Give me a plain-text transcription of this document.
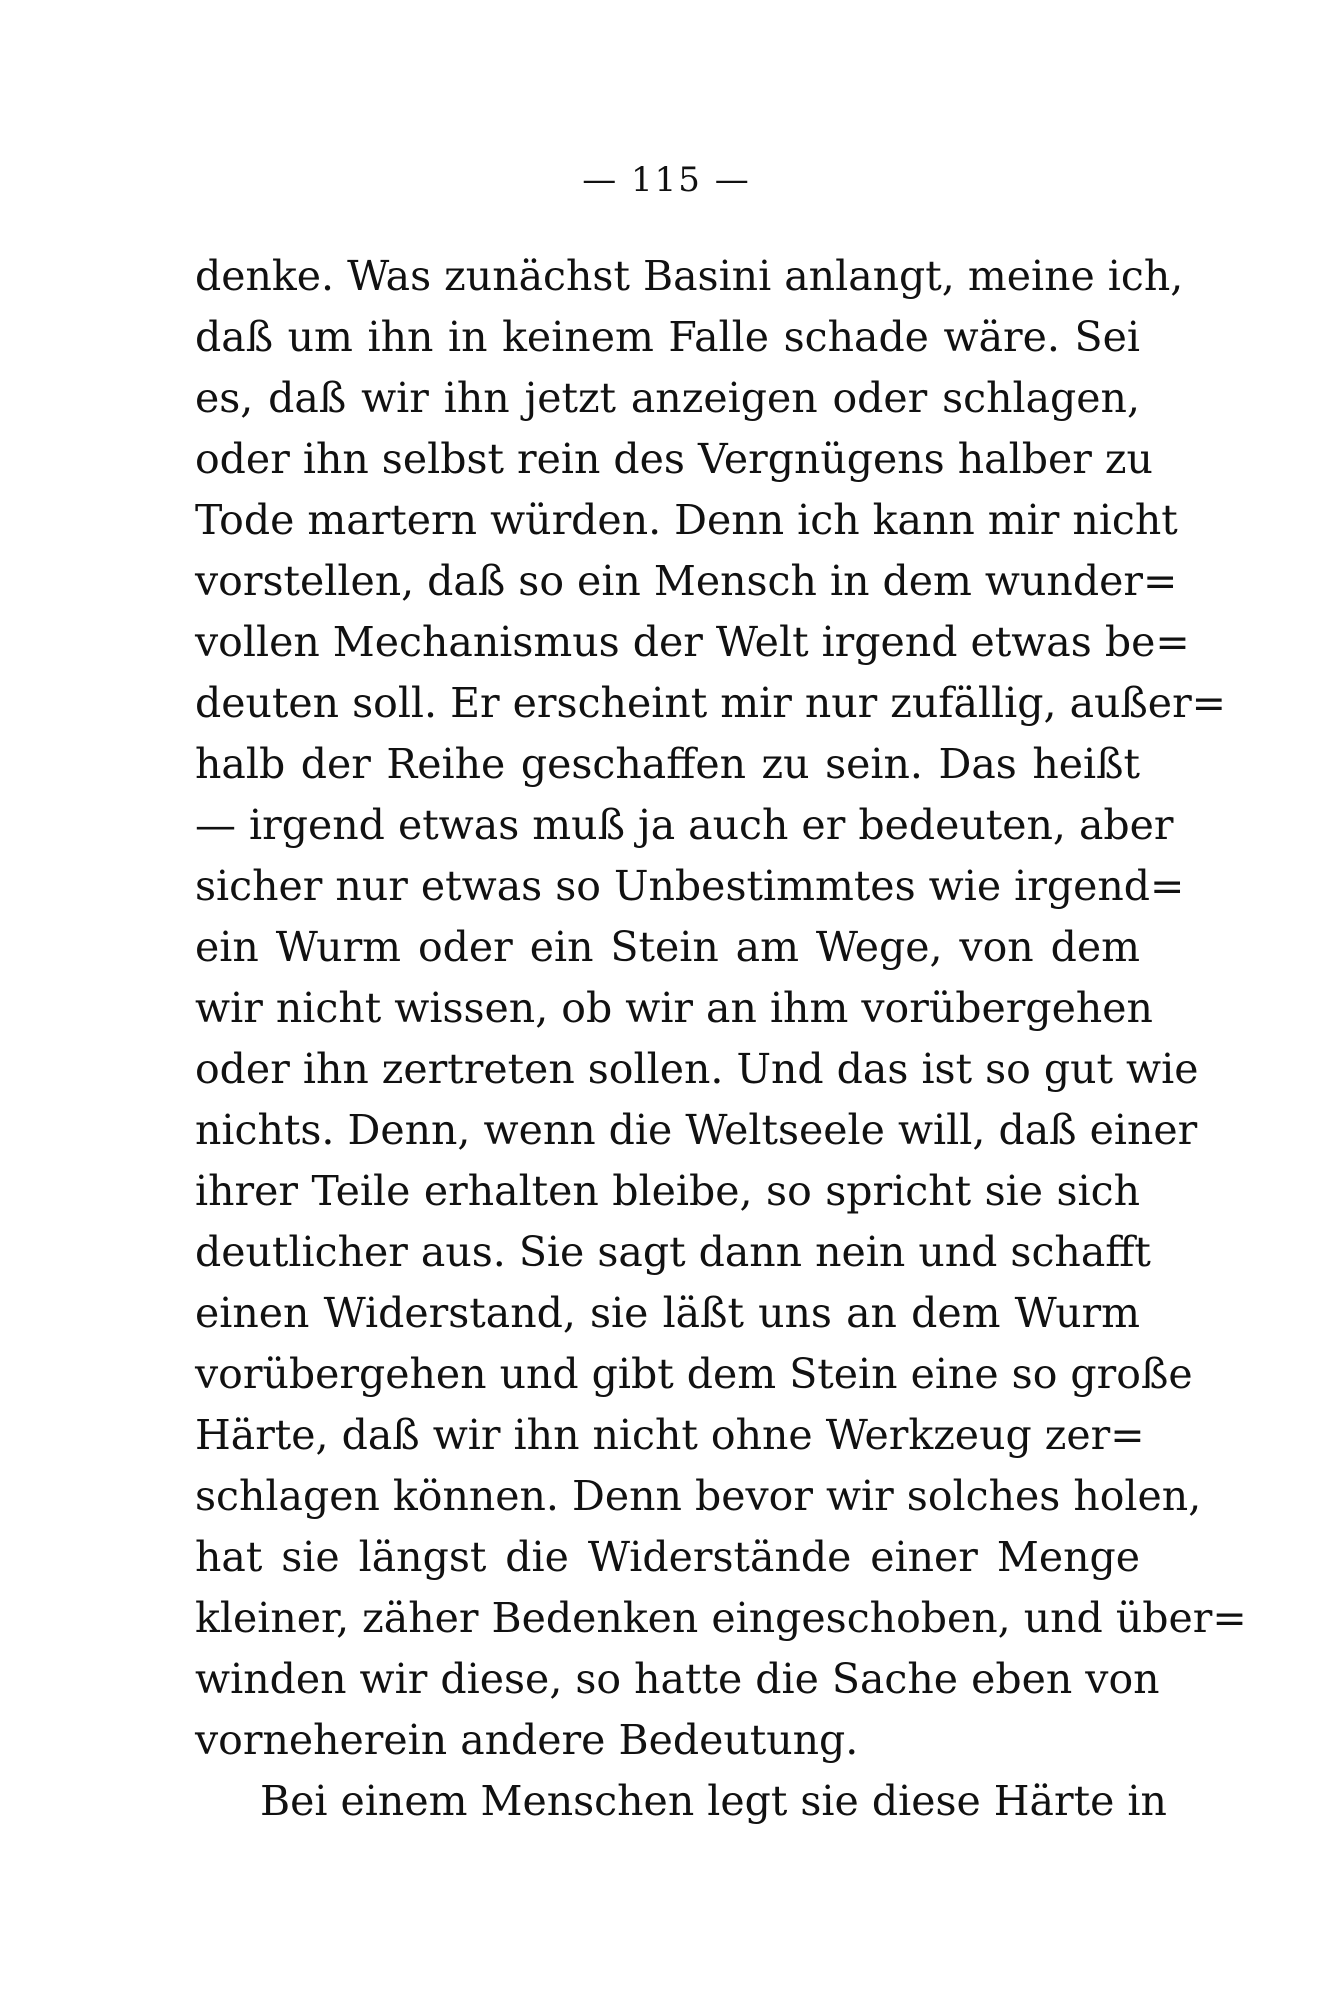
— 115 —
denke. Was zunächst Basini anlangt, meine ich,
daß um ihn in keinem Falle schade wäre. Sei
es, daß wir ihn jetzt anzeigen oder schlagen,
oder ihn selbst rein des Vergnügens halber zu
Tode martern würden. Denn ich kann mir nicht
vorstellen, daß so ein Mensch in dem wunder=
vollen Mechanismus der Welt irgend etwas be=
deuten soll. Er erscheint mir nur zufällig, außer=
halb der Reihe geschaffen zu sein. Das heißt
— irgend etwas muß ja auch er bedeuten, aber
sicher nur etwas so Unbestimmtes wie irgend=
ein Wurm oder ein Stein am Wege, von dem
wir nicht wissen, ob wir an ihm vorübergehen
oder ihn zertreten sollen. Und das ist so gut wie
nichts. Denn, wenn die Weltseele will, daß einer
ihrer Teile erhalten bleibe, so spricht sie sich
deutlicher aus. Sie sagt dann nein und schafft
einen Widerstand, sie läßt uns an dem Wurm
vorübergehen und gibt dem Stein eine so große
Härte, daß wir ihn nicht ohne Werkzeug zer=
schlagen können. Denn bevor wir solches holen,
hat sie längst die Widerstände einer Menge
kleiner, zäher Bedenken eingeschoben, und über=
winden wir diese, so hatte die Sache eben von
vorneherein andere Bedeutung.
Bei einem Menschen legt sie diese Härte in
